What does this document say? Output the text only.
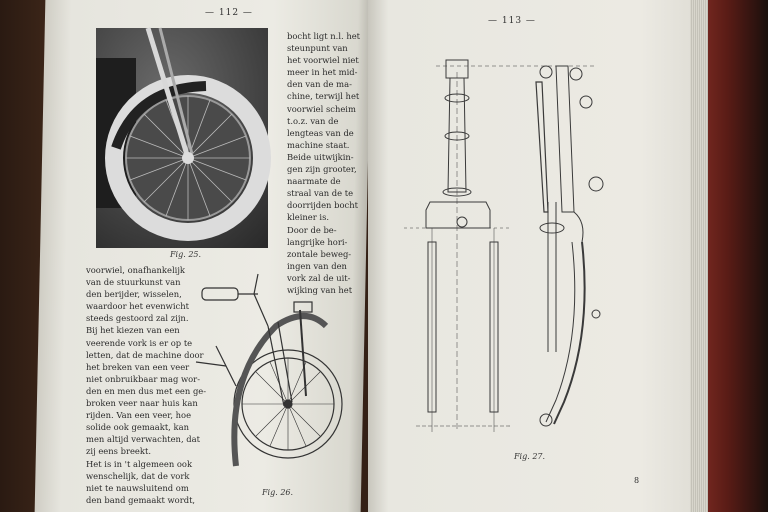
— 112 —
Fig. 25.
bocht ligt n.l. het
steunpunt van
het voorwiel niet
meer in het mid-
den van de ma-
chine, terwijl het
voorwiel scheim
t.o.z. van de
lengteas van de
machine staat.
Beide uitwijkin-
gen zijn grooter,
naarmate de
straal van de te
doorrijden bocht
kleiner is.
Door de be-
langrijke hori-
zontale beweg-
ingen van den
vork zal de uit-
wijking van het
voorwiel, onafhankelijk
van de stuurkunst van
den berijder, wisselen,
waardoor het evenwicht
steeds gestoord zal zijn.
Bij het kiezen van een
veerende vork is er op te
letten, dat de machine door
het breken van een veer
niet onbruikbaar mag wor-
den en men dus met een ge-
broken veer naar huis kan
rijden. Van een veer, hoe
solide ook gemaakt, kan
men altijd verwachten, dat
zij eens breekt.
Het is in 't algemeen ook
wenschelijk, dat de vork
niet te nauwsluitend om
den band gemaakt wordt,
Fig. 26.
— 113 —
Fig. 27.
8
